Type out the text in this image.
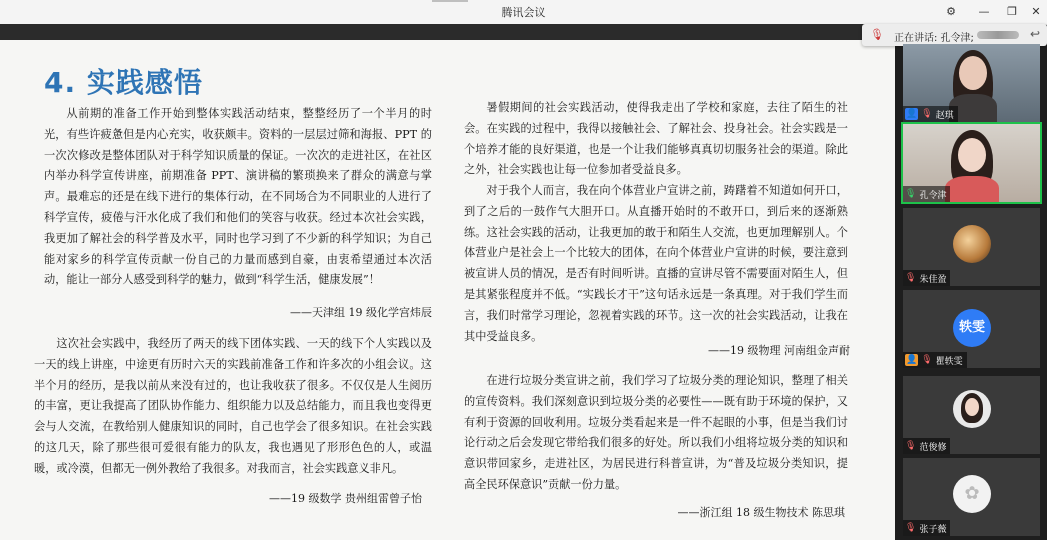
腾讯会议	⚙	—	❐	✕
4. 实践感悟

从前期的准备工作开始到整体实践活动结束，整整经历了一个半月的时光，有些许疲惫但是内心充实，收获颇丰。资料的一层层过筛和海报、PPT 的一次次修改是整体团队对于科学知识质量的保证。一次次的走进社区，在社区内举办科学宣传讲座，前期准备 PPT、演讲稿的繁琐换来了群众的满意与掌声。最难忘的还是在线下进行的集体行动，在不同场合为不同职业的人进行了科学宣传，疲倦与汗水化成了我们和他们的笑容与收获。经过本次社会实践，我更加了解社会的科学普及水平，同时也学习到了不少新的科学知识；为自己能对家乡的科学宣传贡献一份自己的力量而感到自豪，由衷希望通过本次活动，能让一部分人感受到科学的魅力，做到“科学生活，健康发展”！

——天津组 19 级化学宫炜辰

这次社会实践中，我经历了两天的线下团体实践、一天的线下个人实践以及一天的线上讲座，中途更有历时六天的实践前准备工作和许多次的小组会议。这半个月的经历，是我以前从来没有过的，也让我收获了很多。不仅仅是人生阅历的丰富，更让我提高了团队协作能力、组织能力以及总结能力，而且我也变得更会与人交流，在教给别人健康知识的同时，自己也学会了很多知识。在社会实践的这几天，除了那些很可爱很有能力的队友，我也遇见了形形色色的人，或温暖，或冷漠，但都无一例外教给了我很多。对我而言，社会实践意义非凡。

——19 级数学 贵州组雷曾子怡

暑假期间的社会实践活动，使得我走出了学校和家庭，去往了陌生的社会。在实践的过程中，我得以接触社会、了解社会、投身社会。社会实践是一个培养才能的良好渠道，也是一个让我们能够真真切切服务社会的渠道。除此之外，社会实践也让每一位参加者受益良多。

对于我个人而言，我在向个体营业户宣讲之前，踌躇着不知道如何开口，到了之后的一鼓作气大胆开口。从直播开始时的不敢开口，到后来的逐渐熟练。这社会实践的活动，让我更加的敢于和陌生人交流，也更加理解别人。个体营业户是社会上一个比较大的团体，在向个体营业户宣讲的时候，要注意到被宣讲人员的情况，是否有时间听讲。直播的宣讲尽管不需要面对陌生人，但是其紧张程度并不低。“实践长才干”这句话永远是一条真理。对于我们学生而言，我们时常学习理论，忽视着实践的环节。这一次的社会实践活动，让我在其中受益良多。

——19 级物理 河南组金声耐

在进行垃圾分类宣讲之前，我们学习了垃圾分类的理论知识，整理了相关的宣传资料。我们深刻意识到垃圾分类的必要性——既有助于环境的保护，又有利于资源的回收利用。垃圾分类看起来是一件不起眼的小事，但是当我们讨论行动之后会发现它带给我们很多的好处。所以我们小组将垃圾分类的知识和意识带回家乡，走进社区，为居民进行科普宣讲，为“普及垃圾分类知识，提高全民环保意识”贡献一份力量。

——浙江组 18 级生物技术 陈思琪
🎙 正在讲话: 孔令津;	↩
👤 🎙 赵琪
🎙 孔令津
🎙 朱佳盈
轶雯
👤 🎙 瞿轶雯
🎙 范俊修
✿
🎙 张子薇
